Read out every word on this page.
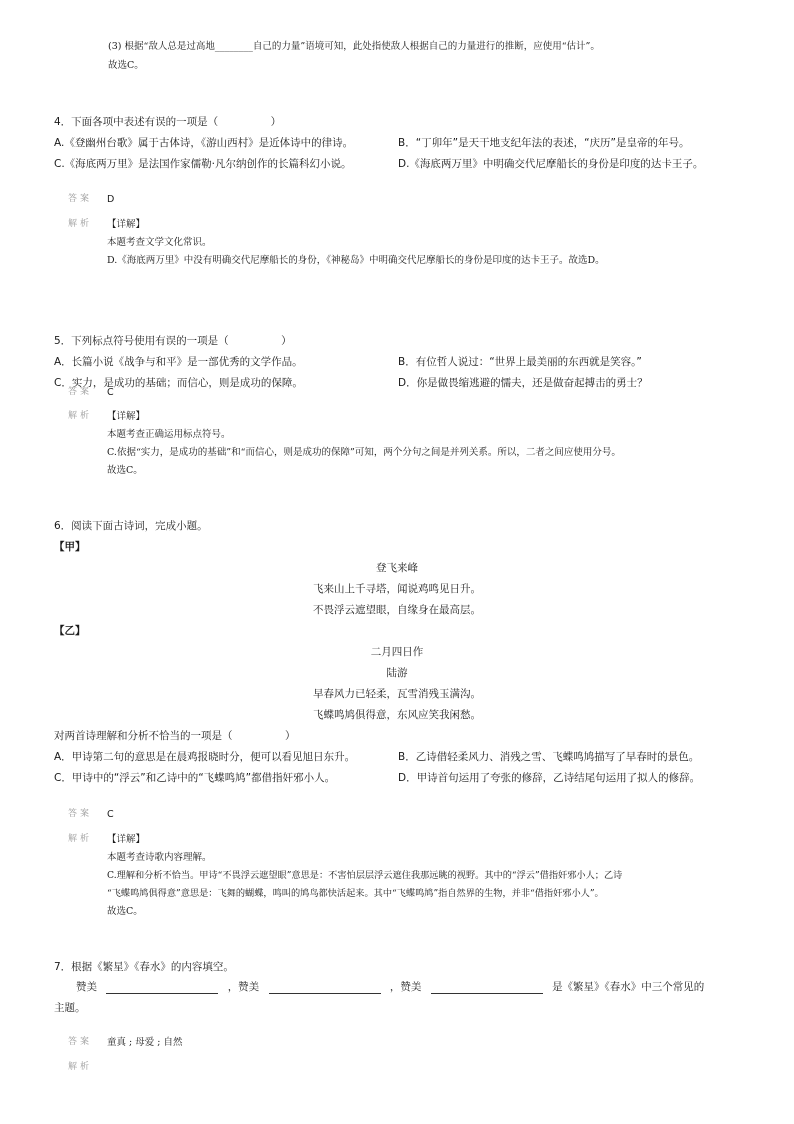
(3) 根据“敌人总是过高地________自己的力量”语境可知，此处指使敌人根据自己的力量进行的推断，应使用“估计”。
故选C。
4．下面各项中表述有误的一项是（　　　　　）
A.《登幽州台歌》属于古体诗，《游山西村》是近体诗中的律诗。	B．“丁卯年”是天干地支纪年法的表述，“庆历”是皇帝的年号。
C.《海底两万里》是法国作家儒勒·凡尔纳创作的长篇科幻小说。	D.《海底两万里》中明确交代尼摩船长的身份是印度的达卡王子。
答案 D
解析 【详解】
本题考查文学文化常识。
D.《海底两万里》中没有明确交代尼摩船长的身份，《神秘岛》中明确交代尼摩船长的身份是印度的达卡王子。故选D。
5．下列标点符号使用有误的一项是（　　　　　）
A．长篇小说《战争与和平》是一部优秀的文学作品。	B．有位哲人说过：“世界上最美丽的东西就是笑容。”
C．实力，是成功的基础；而信心，则是成功的保障。	D．你是做畏缩逃避的懦夫，还是做奋起搏击的勇士？
答案 C
解析 【详解】
本题考查正确运用标点符号。
C.依据“实力，是成功的基础”和“而信心，则是成功的保障”可知，两个分句之间是并列关系。所以，二者之间应使用分号。
故选C。
6．阅读下面古诗词，完成小题。
【甲】
登飞来峰
飞来山上千寻塔，闻说鸡鸣见日升。
不畏浮云遮望眼，自缘身在最高层。
【乙】
二月四日作
陆游
早春风力已轻柔，瓦雪消残玉满沟。
飞蝶鸣鸠俱得意，东风应笑我闲愁。
对两首诗理解和分析不恰当的一项是（　　　　　）
A．甲诗第二句的意思是在晨鸡报晓时分，便可以看见旭日东升。	B．乙诗借轻柔风力、消残之雪、飞蝶鸣鸠描写了早春时的景色。
C．甲诗中的“浮云”和乙诗中的“飞蝶鸣鸠”都借指奸邪小人。	D．甲诗首句运用了夸张的修辞，乙诗结尾句运用了拟人的修辞。
答案 C
解析 【详解】
本题考查诗歌内容理解。
C.理解和分析不恰当。甲诗“不畏浮云遮望眼”意思是：不害怕层层浮云遮住我那远眺的视野。其中的“浮云”借指奸邪小人；乙诗
“飞蝶鸣鸠俱得意”意思是：飞舞的蝴蝶，鸣叫的鸠鸟都快活起来。其中“飞蝶鸣鸠”指自然界的生物，并非“借指奸邪小人”。
故选C。
7．根据《繁星》《春水》的内容填空。
赞美	，赞美	，赞美	是《繁星》《春水》中三个常见的
主题。
答案 童真 ; 母爱 ; 自然
解析
